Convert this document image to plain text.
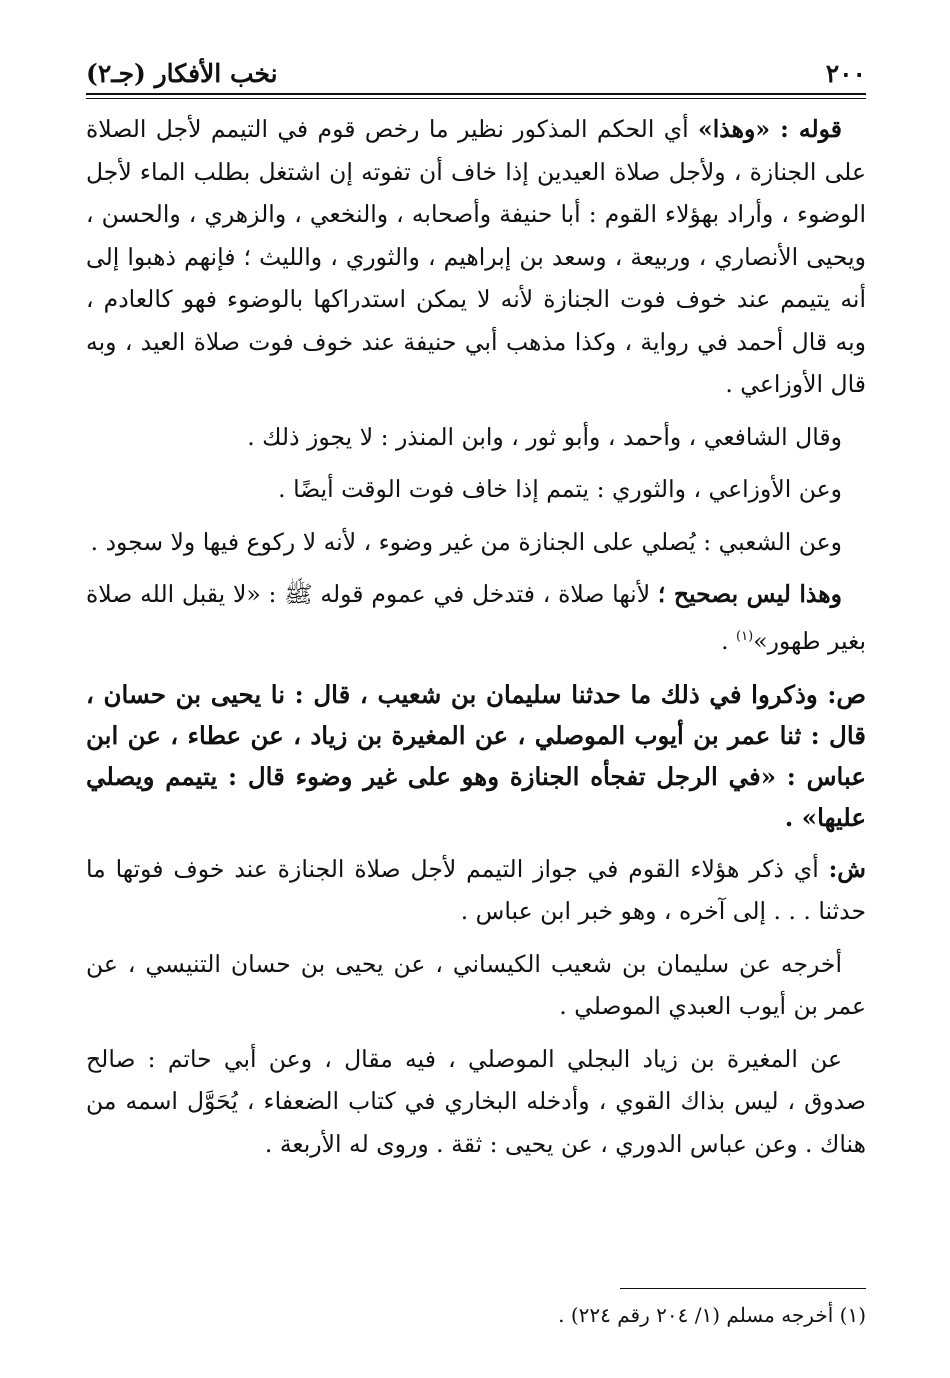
٢٠٠
نخب الأفكار (جـ٢)

قوله : «وهذا» أي الحكم المذكور نظير ما رخص قوم في التيمم لأجل الصلاة على الجنازة ، ولأجل صلاة العيدين إذا خاف أن تفوته إن اشتغل بطلب الماء لأجل الوضوء ، وأراد بهؤلاء القوم : أبا حنيفة وأصحابه ، والنخعي ، والزهري ، والحسن ، ويحيى الأنصاري ، وربيعة ، وسعد بن إبراهيم ، والثوري ، والليث ؛ فإنهم ذهبوا إلى أنه يتيمم عند خوف فوت الجنازة لأنه لا يمكن استدراكها بالوضوء فهو كالعادم ، وبه قال أحمد في رواية ، وكذا مذهب أبي حنيفة عند خوف فوت صلاة العيد ، وبه قال الأوزاعي .

وقال الشافعي ، وأحمد ، وأبو ثور ، وابن المنذر : لا يجوز ذلك .

وعن الأوزاعي ، والثوري : يتمم إذا خاف فوت الوقت أيضًا .

وعن الشعبي : يُصلي على الجنازة من غير وضوء ، لأنه لا ركوع فيها ولا سجود .

وهذا ليس بصحيح ؛ لأنها صلاة ، فتدخل في عموم قوله ﷺ : «لا يقبل الله صلاة بغير طهور»$^{(١)}$ .

ص: وذكروا في ذلك ما حدثنا سليمان بن شعيب ، قال : نا يحيى بن حسان ، قال : ثنا عمر بن أيوب الموصلي ، عن المغيرة بن زياد ، عن عطاء ، عن ابن عباس : «في الرجل تفجأه الجنازة وهو على غير وضوء قال : يتيمم ويصلي عليها» .

ش: أي ذكر هؤلاء القوم في جواز التيمم لأجل صلاة الجنازة عند خوف فوتها ما حدثنا . . . إلى آخره ، وهو خبر ابن عباس .

أخرجه عن سليمان بن شعيب الكيساني ، عن يحيى بن حسان التنيسي ، عن عمر بن أيوب العبدي الموصلي .

عن المغيرة بن زياد البجلي الموصلي ، فيه مقال ، وعن أبي حاتم : صالح صدوق ، ليس بذاك القوي ، وأدخله البخاري في كتاب الضعفاء ، يُحَوَّل اسمه من هناك . وعن عباس الدوري ، عن يحيى : ثقة . وروى له الأربعة .

(١) أخرجه مسلم (١/ ٢٠٤ رقم ٢٢٤) .
